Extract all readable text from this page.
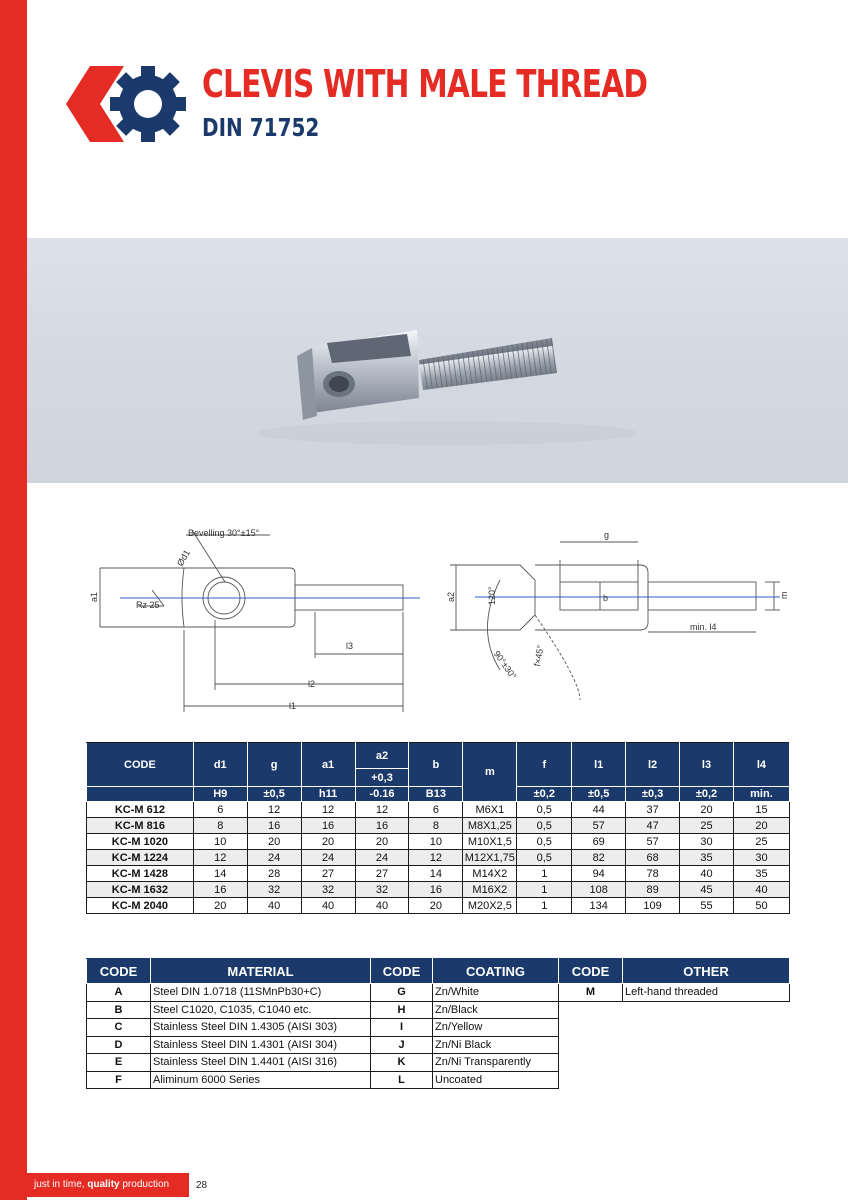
CLEVIS WITH MALE THREAD
DIN 71752
Bevelling 30°±15°
Ød1
a1
Rz 25
l1
l2
l3
g
a2	120°	b	m
min. l4
f×45°
90°±30°
CODE	d1	g	a1	a2	b	m	f	l1	l2	l3	l4
				+0,3							
	H9	±0,5	h11	-0.16	B13		±0,2	±0,5	±0,3	±0,2	min.
KC-M 612	6	12	12	12	6	M6X1	0,5	44	37	20	15
KC-M 816	8	16	16	16	8	M8X1,25	0,5	57	47	25	20
KC-M 1020	10	20	20	20	10	M10X1,5	0,5	69	57	30	25
KC-M 1224	12	24	24	24	12	M12X1,75	0,5	82	68	35	30
KC-M 1428	14	28	27	27	14	M14X2	1	94	78	40	35
KC-M 1632	16	32	32	32	16	M16X2	1	108	89	45	40
KC-M 2040	20	40	40	40	20	M20X2,5	1	134	109	55	50
CODE	MATERIAL	CODE	COATING	CODE	OTHER
A	Steel DIN 1.0718 (11SMnPb30+C)	G	Zn/White	M	Left-hand threaded
B	Steel C1020, C1035, C1040 etc.	H	Zn/Black		
C	Stainless Steel DIN 1.4305 (AISI 303)	I	Zn/Yellow		
D	Stainless Steel DIN 1.4301 (AISI 304)	J	Zn/Ni Black		
E	Stainless Steel DIN 1.4401 (AISI 316)	K	Zn/Ni Transparently		
F	Aliminum 6000 Series	L	Uncoated		
just in time, quality production	28
